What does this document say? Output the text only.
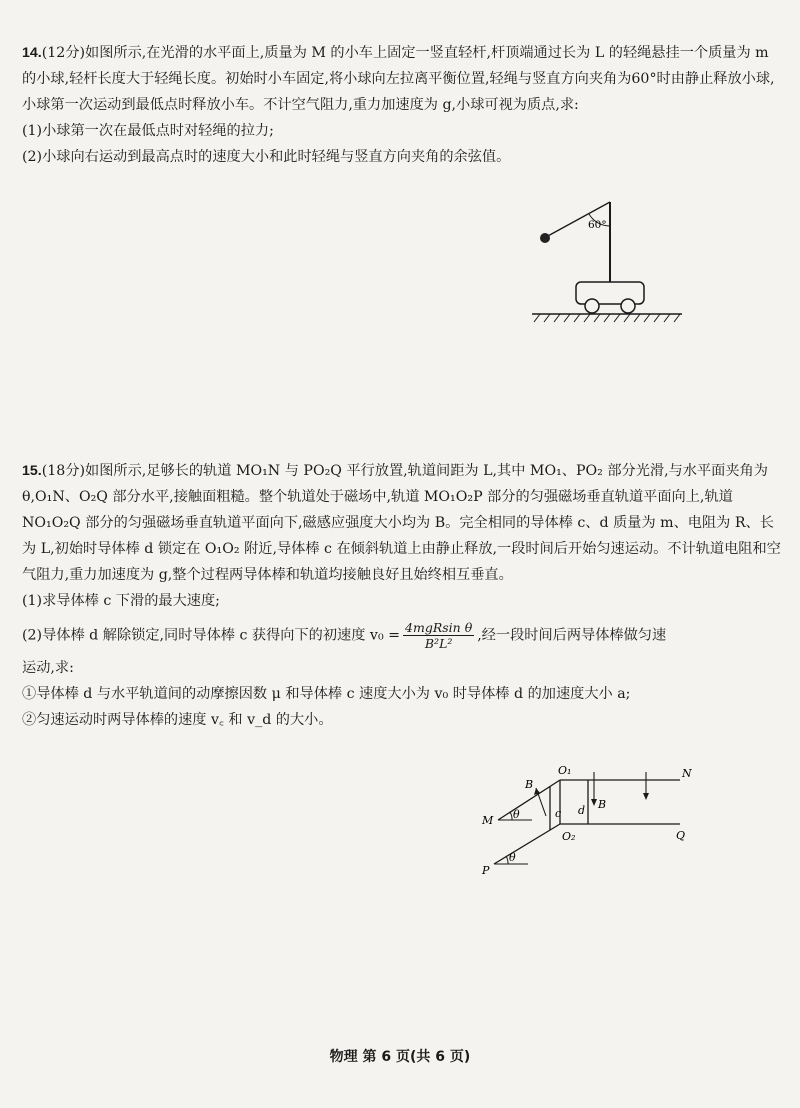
14.(12分)如图所示,在光滑的水平面上,质量为 M 的小车上固定一竖直轻杆,杆顶端通过长为 L 的轻绳悬挂一个质量为 m 的小球,轻杆长度大于轻绳长度。初始时小车固定,将小球向左拉离平衡位置,轻绳与竖直方向夹角为60°时由静止释放小球,小球第一次运动到最低点时释放小车。不计空气阻力,重力加速度为 g,小球可视为质点,求:

(1)小球第一次在最低点时对轻绳的拉力;

(2)小球向右运动到最高点时的速度大小和此时轻绳与竖直方向夹角的余弦值。

60°

15.(18分)如图所示,足够长的轨道 MO₁N 与 PO₂Q 平行放置,轨道间距为 L,其中 MO₁、PO₂ 部分光滑,与水平面夹角为 θ,O₁N、O₂Q 部分水平,接触面粗糙。整个轨道处于磁场中,轨道 MO₁O₂P 部分的匀强磁场垂直轨道平面向上,轨道 NO₁O₂Q 部分的匀强磁场垂直轨道平面向下,磁感应强度大小均为 B。完全相同的导体棒 c、d 质量为 m、电阻为 R、长为 L,初始时导体棒 d 锁定在 O₁O₂ 附近,导体棒 c 在倾斜轨道上由静止释放,一段时间后开始匀速运动。不计轨道电阻和空气阻力,重力加速度为 g,整个过程两导体棒和轨道均接触良好且始终相互垂直。

(1)求导体棒 c 下滑的最大速度;

(2)导体棒 d 解除锁定,同时导体棒 c 获得向下的初速度 $v_0 = \frac{\text{4mgRsin θ}}{\text{B²L²}}$ ,经一段时间后两导体棒做匀速

运动,求:

①导体棒 d 与水平轨道间的动摩擦因数 μ 和导体棒 c 速度大小为 v₀ 时导体棒 d 的加速度大小 a;

②匀速运动时两导体棒的速度 v꜀ 和 v_d 的大小。

θ
θ
c d
B
B
M
P
N
Q
O₁
O₂
物理 第 6 页(共 6 页)
